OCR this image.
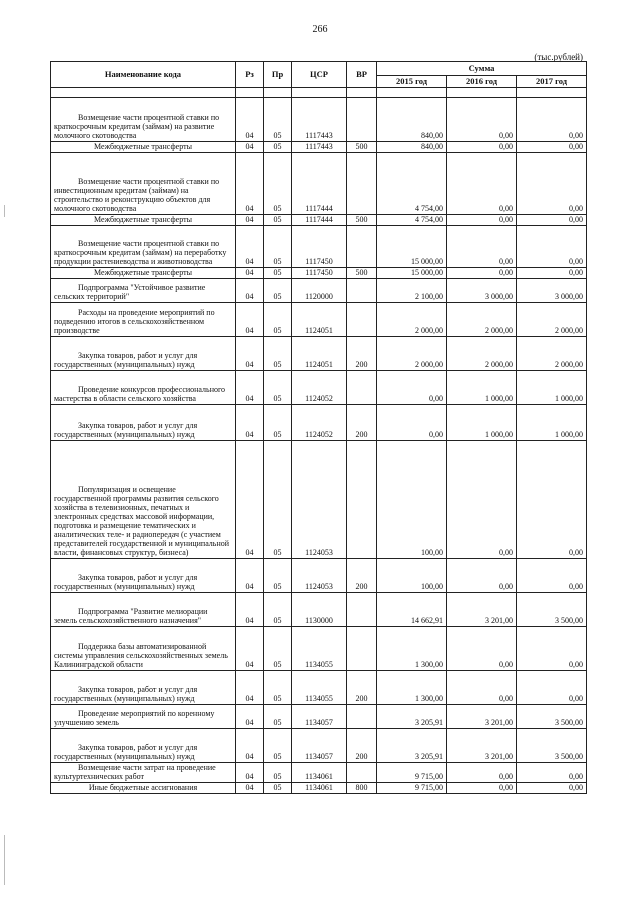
266
(тыс.рублей)
Наименование кода	Рз	Пр	ЦСР	ВР	Сумма		
					2015 год	2016 год	2017 год

Возмещение части процентной ставки по краткосрочным кредитам (займам) на развитие молочного скотоводства	04	05	1117443		840,00	0,00	0,00
Межбюджетные трансферты	04	05	1117443	500	840,00	0,00	0,00
Возмещение части процентной ставки по инвестиционным кредитам (займам) на строительство и реконструкцию объектов для молочного скотоводства	04	05	1117444		4 754,00	0,00	0,00
Межбюджетные трансферты	04	05	1117444	500	4 754,00	0,00	0,00
Возмещение части процентной ставки по краткосрочным кредитам (займам) на переработку продукции растениеводства и животноводства	04	05	1117450		15 000,00	0,00	0,00
Межбюджетные трансферты	04	05	1117450	500	15 000,00	0,00	0,00
Подпрограмма "Устойчивое развитие сельских территорий"	04	05	1120000		2 100,00	3 000,00	3 000,00
Расходы на проведение мероприятий по подведению итогов в сельскохозяйственном производстве	04	05	1124051		2 000,00	2 000,00	2 000,00
Закупка товаров, работ и услуг для государственных (муниципальных) нужд	04	05	1124051	200	2 000,00	2 000,00	2 000,00
Проведение конкурсов профессионального мастерства в области сельского хозяйства	04	05	1124052		0,00	1 000,00	1 000,00
Закупка товаров, работ и услуг для государственных (муниципальных) нужд	04	05	1124052	200	0,00	1 000,00	1 000,00
Популяризация и освещение государственной программы развития сельского хозяйства в телевизионных, печатных и электронных средствах массовой информации, подготовка и размещение тематических и аналитических теле- и радиопередач (с участием представителей государственной и муниципальной власти, финансовых структур, бизнеса)	04	05	1124053		100,00	0,00	0,00
Закупка товаров, работ и услуг для государственных (муниципальных) нужд	04	05	1124053	200	100,00	0,00	0,00
Подпрограмма "Развитие мелиорации земель сельскохозяйственного назначения"	04	05	1130000		14 662,91	3 201,00	3 500,00
Поддержка базы автоматизированной системы управления сельскохозяйственных земель Калининградской области	04	05	1134055		1 300,00	0,00	0,00
Закупка товаров, работ и услуг для государственных (муниципальных) нужд	04	05	1134055	200	1 300,00	0,00	0,00
Проведение мероприятий по коренному улучшению земель	04	05	1134057		3 205,91	3 201,00	3 500,00
Закупка товаров, работ и услуг для государственных (муниципальных) нужд	04	05	1134057	200	3 205,91	3 201,00	3 500,00
Возмещение части затрат на проведение культуртехнических работ	04	05	1134061		9 715,00	0,00	0,00
Иные бюджетные ассигнования	04	05	1134061	800	9 715,00	0,00	0,00
